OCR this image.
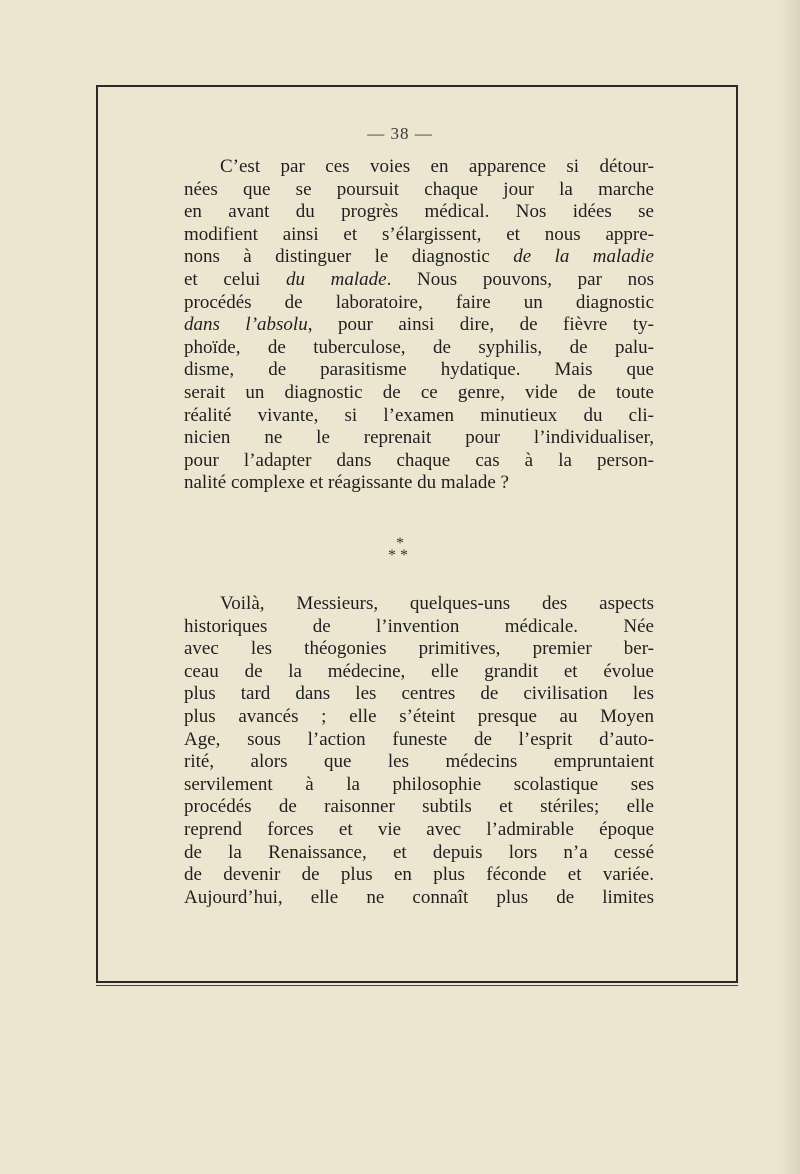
— 38 —
C’est par ces voies en apparence si détour-
nées que se poursuit chaque jour la marche
en avant du progrès médical. Nos idées se
modifient ainsi et s’élargissent, et nous appre-
nons à distinguer le diagnostic de la maladie
et celui du malade. Nous pouvons, par nos
procédés de laboratoire, faire un diagnostic
dans l’absolu, pour ainsi dire, de fièvre ty-
phoïde, de tuberculose, de syphilis, de palu-
disme, de parasitisme hydatique. Mais que
serait un diagnostic de ce genre, vide de toute
réalité vivante, si l’examen minutieux du cli-
nicien ne le reprenait pour l’individualiser,
pour l’adapter dans chaque cas à la person-
nalité complexe et réagissante du malade ?
*
**
Voilà, Messieurs, quelques-uns des aspects
historiques de l’invention médicale. Née
avec les théogonies primitives, premier ber-
ceau de la médecine, elle grandit et évolue
plus tard dans les centres de civilisation les
plus avancés ; elle s’éteint presque au Moyen
Age, sous l’action funeste de l’esprit d’auto-
rité, alors que les médecins empruntaient
servilement à la philosophie scolastique ses
procédés de raisonner subtils et stériles; elle
reprend forces et vie avec l’admirable époque
de la Renaissance, et depuis lors n’a cessé
de devenir de plus en plus féconde et variée.
Aujourd’hui, elle ne connaît plus de limites
